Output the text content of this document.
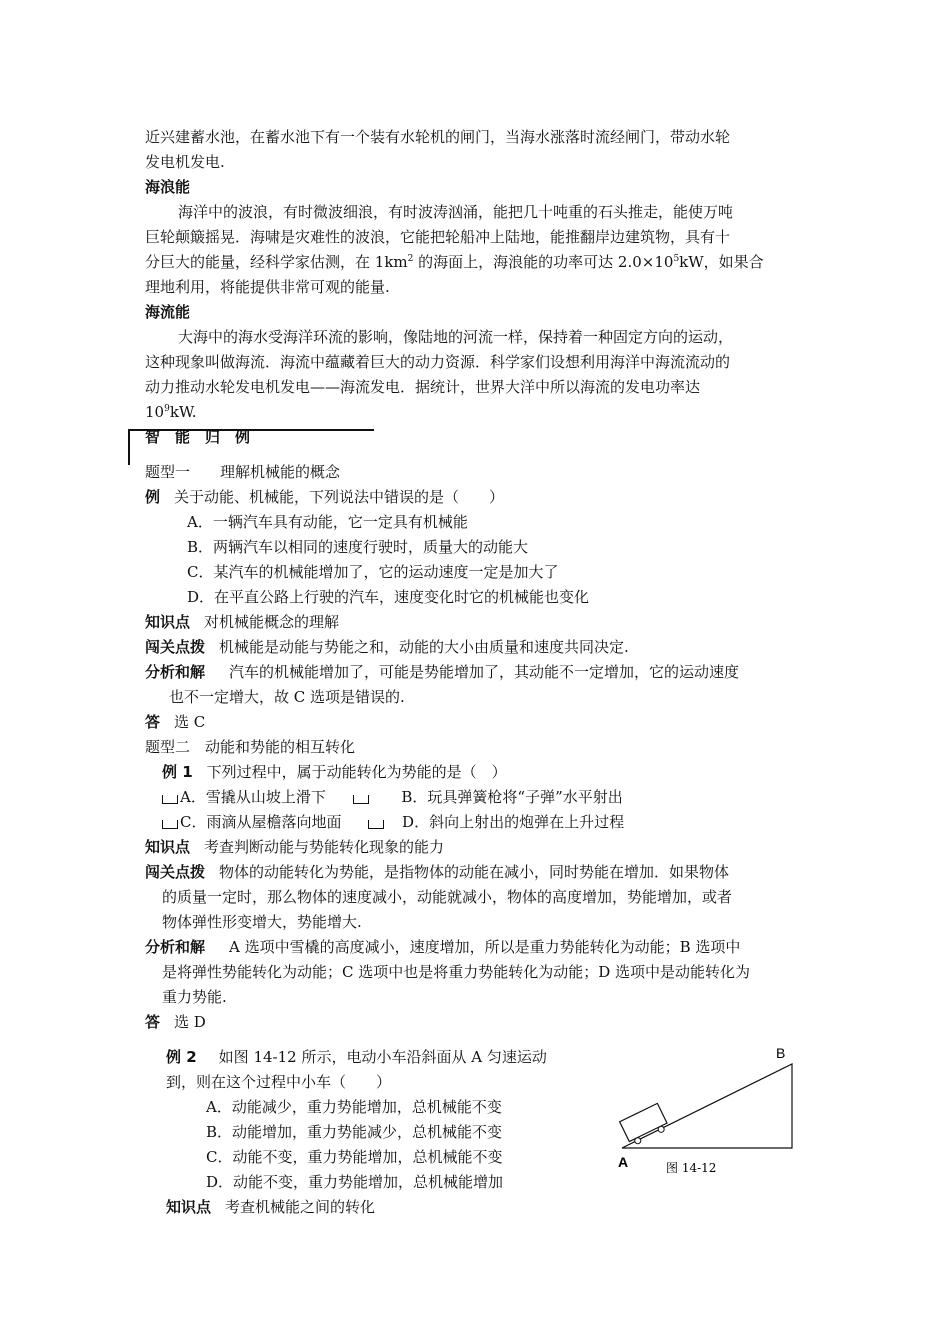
近兴建蓄水池，在蓄水池下有一个装有水轮机的闸门，当海水涨落时流经闸门，带动水轮
发电机发电.
海浪能
海洋中的波浪，有时微波细浪，有时波涛汹涌，能把几十吨重的石头推走，能使万吨
巨轮颠簸摇晃．海啸是灾难性的波浪，它能把轮船冲上陆地，能推翻岸边建筑物，具有十
分巨大的能量，经科学家估测，在 $1km^2$ 的海面上，海浪能的功率可达 $2.0\times 10^5kW$，如果合
理地利用，将能提供非常可观的能量.
海流能
大海中的海水受海洋环流的影响，像陆地的河流一样，保持着一种固定方向的运动，
这种现象叫做海流．海流中蕴藏着巨大的动力资源．科学家们设想利用海洋中海流流动的
动力推动水轮发电机发电——海流发电．据统计，世界大洋中所以海流的发电功率达
$10^9kW$.
智　能　归　例
题型一　　理解机械能的概念
例 关于动能、机械能，下列说法中错误的是（　　）
A．一辆汽车具有动能，它一定具有机械能
B．两辆汽车以相同的速度行驶时，质量大的动能大
C．某汽车的机械能增加了，它的运动速度一定是加大了
D．在平直公路上行驶的汽车，速度变化时它的机械能也变化
知识点 对机械能概念的理解
闯关点拨 机械能是动能与势能之和，动能的大小由质量和速度共同决定.
分析和解 汽车的机械能增加了，可能是势能增加了，其动能不一定增加，它的运动速度
也不一定增大，故 C 选项是错误的.
答 选 C
题型二　动能和势能的相互转化
例 1 下列过程中，属于动能转化为势能的是（　）
A．雪撬从山坡上滑下	B．玩具弹簧枪将“子弹”水平射出
C．雨滴从屋檐落向地面	D．斜向上射出的炮弹在上升过程
知识点 考查判断动能与势能转化现象的能力
闯关点拨 物体的动能转化为势能，是指物体的动能在减小，同时势能在增加．如果物体
的质量一定时，那么物体的速度减小，动能就减小，物体的高度增加，势能增加，或者
物体弹性形变增大，势能增大.
分析和解 A 选项中雪橇的高度减小，速度增加，所以是重力势能转化为动能；B 选项中
是将弹性势能转化为动能；C 选项中也是将重力势能转化为动能；D 选项中是动能转化为
重力势能.
答 选 D
例 2 如图 14-12 所示，电动小车沿斜面从 A 匀速运动
到，则在这个过程中小车（　　）
A．动能减少，重力势能增加，总机械能不变
B．动能增加，重力势能减少，总机械能不变
C．动能不变，重力势能增加，总机械能不变
D．动能不变，重力势能增加，总机械能增加
知识点 考查机械能之间的转化
A
B
图 14-12
